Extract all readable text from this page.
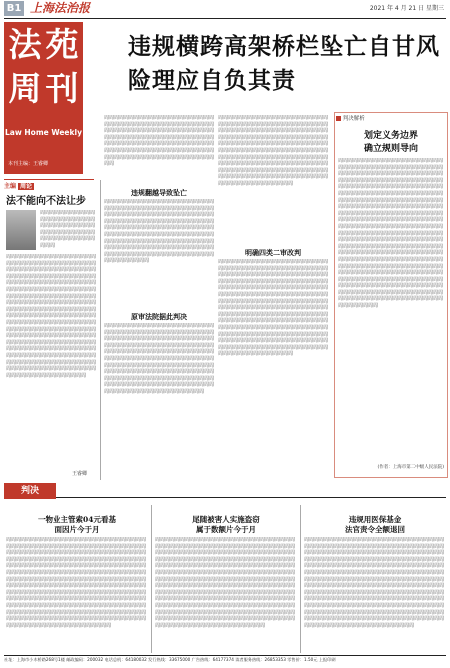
B1 上海法治报	2021 年 4 月 21 日 星期三
法 苑
周 刊
Law Home Weekly
本刊主编：王睿卿
违规横跨高架桥栏坠亡自甘风险理应自负其责
主编 周论
法不能向不法让步
周周周周周周周周周周周周周周周周周周周周周周周周周周周周周周周周周周周周周周周周周周周周周周周周周周周周周周周周周周
周周周周周周周周周周周周周周周周周周周周周周周周周周周周周周周周周周周周周周周周周周周周周周周周周周周周周周周周周周周周周周周周周周周周周周周周周周周周周周周周周周周周周周周周周周周周周周周周周周周周周周周周周周周周周周周周周周周周周周周周周周周周周周周周周周周周周周周周周周周周周周周周周周周周周周周周周周周周周周周周周周周周周周周周周周周周周周周周周周周周周周周周周周周周周周周周周周周周周周周周周周周周周周周周周周周周周周周周周周周周周周周周周周周周周周周周周周周周周周周周周周周周周周周周周周周周周周周周周周周周周周周周周周周周周周周周周周周周周周周周周周周周周周周周周周周周周周周周周周周周周周周周周周周周周周周周周周周周周周周周周周周周周周周周周周周周周周周周周周周周
王睿卿
周周周周周周周周周周周周周周周周周周周周周周周周周周周周周周周周周周周周周周周周周周周周周周周周周周周周周周周周周周周周周周周周周周周周周周周周周周周周周周周周周周周周周周周周周周周周周周周周周周周周周周周周周周周周周周周周周周周周周周周周周周周周周周周周周周周周周周周周周周周周周周周周周周周周周周周周周周周周
违规翻越导致坠亡
周周周周周周周周周周周周周周周周周周周周周周周周周周周周周周周周周周周周周周周周周周周周周周周周周周周周周周周周周周周周周周周周周周周周周周周周周周周周周周周周周周周周周周周周周周周周周周周周周周周周周周周周周周周周周周周周周周周周周周周周周周周周周周周周周周周周周周周周周周周周周周周周周周周周周周周周周周周周周周周周周周周周周周周周周周周周周周周周周周周周周周周周周周周周周周周周周周周周周周周周周周周周周周周
原审法院据此判决
周周周周周周周周周周周周周周周周周周周周周周周周周周周周周周周周周周周周周周周周周周周周周周周周周周周周周周周周周周周周周周周周周周周周周周周周周周周周周周周周周周周周周周周周周周周周周周周周周周周周周周周周周周周周周周周周周周周周周周周周周周周周周周周周周周周周周周周周周周周周周周周周周周周周周周周周周周周周周周周周周周周周周周周周周周周周周周周周周周周周周周周周周周周周周周周周周周周周周周周周周周周周周周周周周周周周周周周周周周周周周周周周周周周周周周周周周周周周周周周周
周周周周周周周周周周周周周周周周周周周周周周周周周周周周周周周周周周周周周周周周周周周周周周周周周周周周周周周周周周周周周周周周周周周周周周周周周周周周周周周周周周周周周周周周周周周周周周周周周周周周周周周周周周周周周周周周周周周周周周周周周周周周周周周周周周周周周周周周周周周周周周周周周周周周周周周周周周周周周周周周周周周周周周周周周周周周周周周周周周周周周周周周周周周周周周周周周周周周周周周周周周周周周周周周周周周周周周周周周周周周周周周周周周周周周周周周周周周
明确四类二审改判
周周周周周周周周周周周周周周周周周周周周周周周周周周周周周周周周周周周周周周周周周周周周周周周周周周周周周周周周周周周周周周周周周周周周周周周周周周周周周周周周周周周周周周周周周周周周周周周周周周周周周周周周周周周周周周周周周周周周周周周周周周周周周周周周周周周周周周周周周周周周周周周周周周周周周周周周周周周周周周周周周周周周周周周周周周周周周周周周周周周周周周周周周周周周周周周周周周周周周周周周周周周周周周周周周周周周周周周周周周周周周周周周周周周周周周周周周周周周周周周周周周周周周周周周周周周周周周周周周周周周周周周周周周周周周周周周周周周周周周周周周周周周周周周周周周周周周周周周周周周周周周周周周周周周周周周周周周周周周周周周周周周
判决解析
划定义务边界
确立规则导向
周周周周周周周周周周周周周周周周周周周周周周周周周周周周周周周周周周周周周周周周周周周周周周周周周周周周周周周周周周周周周周周周周周周周周周周周周周周周周周周周周周周周周周周周周周周周周周周周周周周周周周周周周周周周周周周周周周周周周周周周周周周周周周周周周周周周周周周周周周周周周周周周周周周周周周周周周周周周周周周周周周周周周周周周周周周周周周周周周周周周周周周周周周周周周周周周周周周周周周周周周周周周周周周周周周周周周周周周周周周周周周周周周周周周周周周周周周周周周周周周周周周周周周周周周周周周周周周周周周周周周周周周周周周周周周周周周周周周周周周周周周周周周周周周周周周周周周周周周周周周周周周周周周周周周周周周周周周周周周周周周周周周周周周周周周周周周周周周周周周周周周周周周周周周周周周周周周周周周周周周周周周周周周周周周周周周周周周周周周周周周周周周周周周周周周周周周周周周周周周周周周周周周周周周周周周周周周周周周周周周周周周周周周周周周周周周周周周周周周周周周周周周周周周周周周周周周周周周周周周周周周周周周周周周周周
(作者：上海市第二中级人民法院)
判决
一物业主管索04元看基
面因片今于月
周周周周周周周周周周周周周周周周周周周周周周周周周周周周周周周周周周周周周周周周周周周周周周周周周周周周周周周周周周周周周周周周周周周周周周周周周周周周周周周周周周周周周周周周周周周周周周周周周周周周周周周周周周周周周周周周周周周周周周周周周周周周周周周周周周周周周周周周周周周周周周周周周周周周周周周周周周周周周周周周周周周周周周周周周周周周周周周周周周周周周周周周周周周周周周周周周周周周周周周周周周周周周周周周周周周周周周周周周周周周周周周周周周周周周周周周周周周周周周周周周周周周周周周周周周周周周周周周周周周周周周周周周周周周周周周周周周周周周周周周周周周周周周周周周周周周周周周周周周周周周周周周周周周周周周周周周周周周周周周周周周周周周周周周周周周周周周周周周周周周周周周周周周周周周周周周周周周周周周周周周周周周周周周周周周周周周周周周周周周周周周周周周
尾随被害人实施盗窃
属于数额片今于月
周周周周周周周周周周周周周周周周周周周周周周周周周周周周周周周周周周周周周周周周周周周周周周周周周周周周周周周周周周周周周周周周周周周周周周周周周周周周周周周周周周周周周周周周周周周周周周周周周周周周周周周周周周周周周周周周周周周周周周周周周周周周周周周周周周周周周周周周周周周周周周周周周周周周周周周周周周周周周周周周周周周周周周周周周周周周周周周周周周周周周周周周周周周周周周周周周周周周周周周周周周周周周周周周周周周周周周周周周周周周周周周周周周周周周周周周周周周周周周周周周周周周周周周周周周周周周周周周周周周周周周周周周周周周周周周周周周周周周周周周周周周周周周周周周周周周周周周周周周周周周周周周周周周周周周周周周周周周周周周周周周周周周周周周周周周周周周周周周周周周周周周周周周周周周周周周周周周周周周周周周周周周周周周周周周周周周周周周周周周周周周周周周周
违规用医保基金
法官责令全额退回
周周周周周周周周周周周周周周周周周周周周周周周周周周周周周周周周周周周周周周周周周周周周周周周周周周周周周周周周周周周周周周周周周周周周周周周周周周周周周周周周周周周周周周周周周周周周周周周周周周周周周周周周周周周周周周周周周周周周周周周周周周周周周周周周周周周周周周周周周周周周周周周周周周周周周周周周周周周周周周周周周周周周周周周周周周周周周周周周周周周周周周周周周周周周周周周周周周周周周周周周周周周周周周周周周周周周周周周周周周周周周周周周周周周周周周周周周周周周周周周周周周周周周周周周周周周周周周周周周周周周周周周周周周周周周周周周周周周周周周周周周周周周周周周周周周周周周周周周周周周周周周周周周周周周周周周周周周周周周周周周周周周周周周周周周周周周周周周周周周周周周周周周周周周周周周周周周周周周周周周周周周周周周周周周周周周周周周周周周周周周周周周周周周
社址：上海市小木桥路268号1楼 邮政编码：200032 电话总机：64180032 发行热线：33675000 广告热线：64177374 读者服务热线：26853353 零售价：1.50元 上报印刷
